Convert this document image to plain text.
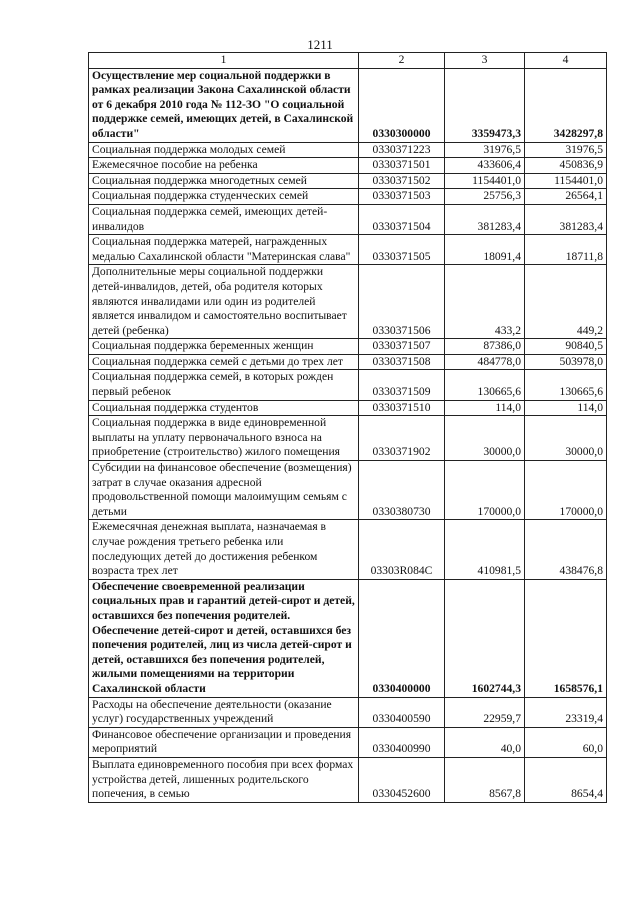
1211
1	2	3	4
Осуществление мер социальной поддержки в рамках реализации Закона Сахалинской области от 6 декабря 2010 года № 112-ЗО "О социальной поддержке семей, имеющих детей, в Сахалинской области"	0330300000	3359473,3	3428297,8
Социальная поддержка молодых семей	0330371223	31976,5	31976,5
Ежемесячное пособие на ребенка	0330371501	433606,4	450836,9
Социальная поддержка многодетных семей	0330371502	1154401,0	1154401,0
Социальная поддержка студенческих семей	0330371503	25756,3	26564,1
Социальная поддержка семей, имеющих детей-инвалидов	0330371504	381283,4	381283,4
Социальная поддержка матерей, награжденных медалью Сахалинской области "Материнская слава"	0330371505	18091,4	18711,8
Дополнительные меры социальной поддержки детей-инвалидов, детей, оба родителя которых являются инвалидами или один из родителей является инвалидом и самостоятельно воспитывает детей (ребенка)	0330371506	433,2	449,2
Социальная поддержка беременных женщин	0330371507	87386,0	90840,5
Социальная поддержка семей с детьми до трех лет	0330371508	484778,0	503978,0
Социальная поддержка семей, в которых рожден первый ребенок	0330371509	130665,6	130665,6
Социальная поддержка студентов	0330371510	114,0	114,0
Социальная поддержка в виде единовременной выплаты на уплату первоначального взноса на приобретение (строительство) жилого помещения	0330371902	30000,0	30000,0
Субсидии на финансовое обеспечение (возмещения) затрат в случае оказания адресной продовольственной помощи малоимущим семьям с детьми	0330380730	170000,0	170000,0
Ежемесячная денежная выплата, назначаемая в случае рождения третьего ребенка или последующих детей до достижения ребенком возраста трех лет	03303R084C	410981,5	438476,8
Обеспечение своевременной реализации социальных прав и гарантий детей-сирот и детей, оставшихся без попечения родителей. Обеспечение детей-сирот и детей, оставшихся без попечения родителей, лиц из числа детей-сирот и детей, оставшихся без попечения родителей, жилыми помещениями на территории Сахалинской области	0330400000	1602744,3	1658576,1
Расходы на обеспечение деятельности (оказание услуг) государственных учреждений	0330400590	22959,7	23319,4
Финансовое обеспечение организации и проведения мероприятий	0330400990	40,0	60,0
Выплата единовременного пособия при всех формах устройства детей, лишенных родительского попечения, в семью	0330452600	8567,8	8654,4
